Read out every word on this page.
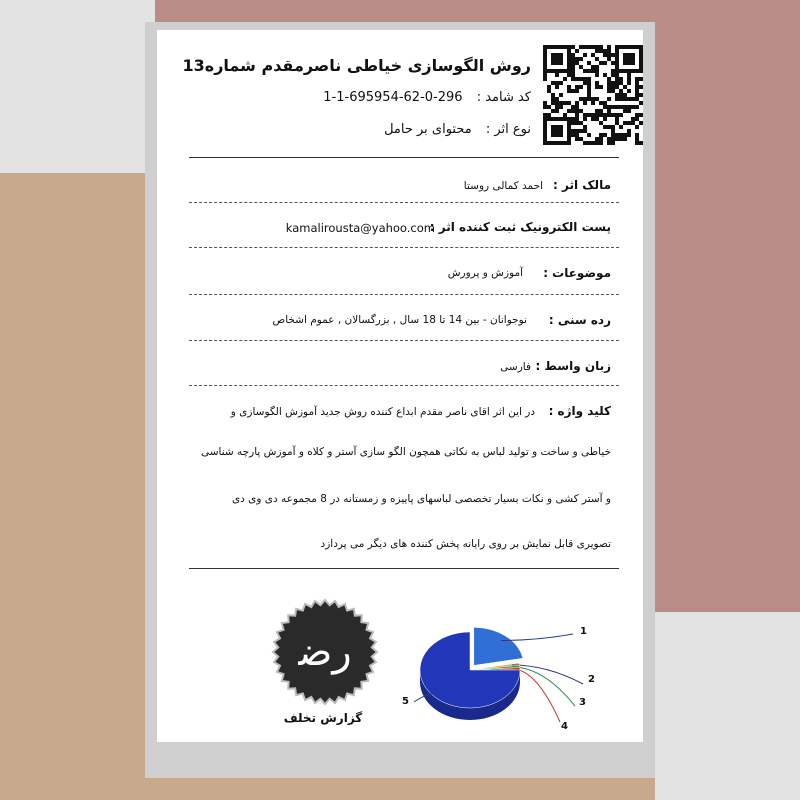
روش الگوسازی خیاطی ناصرمقدم شماره13
کد شامد : 1-1-695954-62-0-296
نوع اثر : محتوای بر حامل
مالک اثر :
احمد کمالی روستا
پست الکترونیک ثبت کننده اثر :
kamalirousta@yahoo.com
موضوعات :
آموزش و پرورش
رده سنی :
نوجوانان - بین 14 تا 18 سال , بزرگسالان , عموم اشخاص
زبان واسط :
فارسی
کلید واژه :
در این اثر اقای ناصر مقدم ابداع کننده روش جدید آموزش الگوسازی و
خیاطی و ساخت و تولید لباس به نکاتی همچون الگو سازی آستر و کلاه و آموزش پارچه شناسی
و آستر کشی و نکات بسیار تخصصی لباسهای پاییزه و زمستانه در 8 مجموعه دی وی دی
تصویری قابل نمایش بر روی رایانه پخش کننده های دیگر می پردازد
ﺭﺿ
گزارش تخلف
1
2
3
4
5
